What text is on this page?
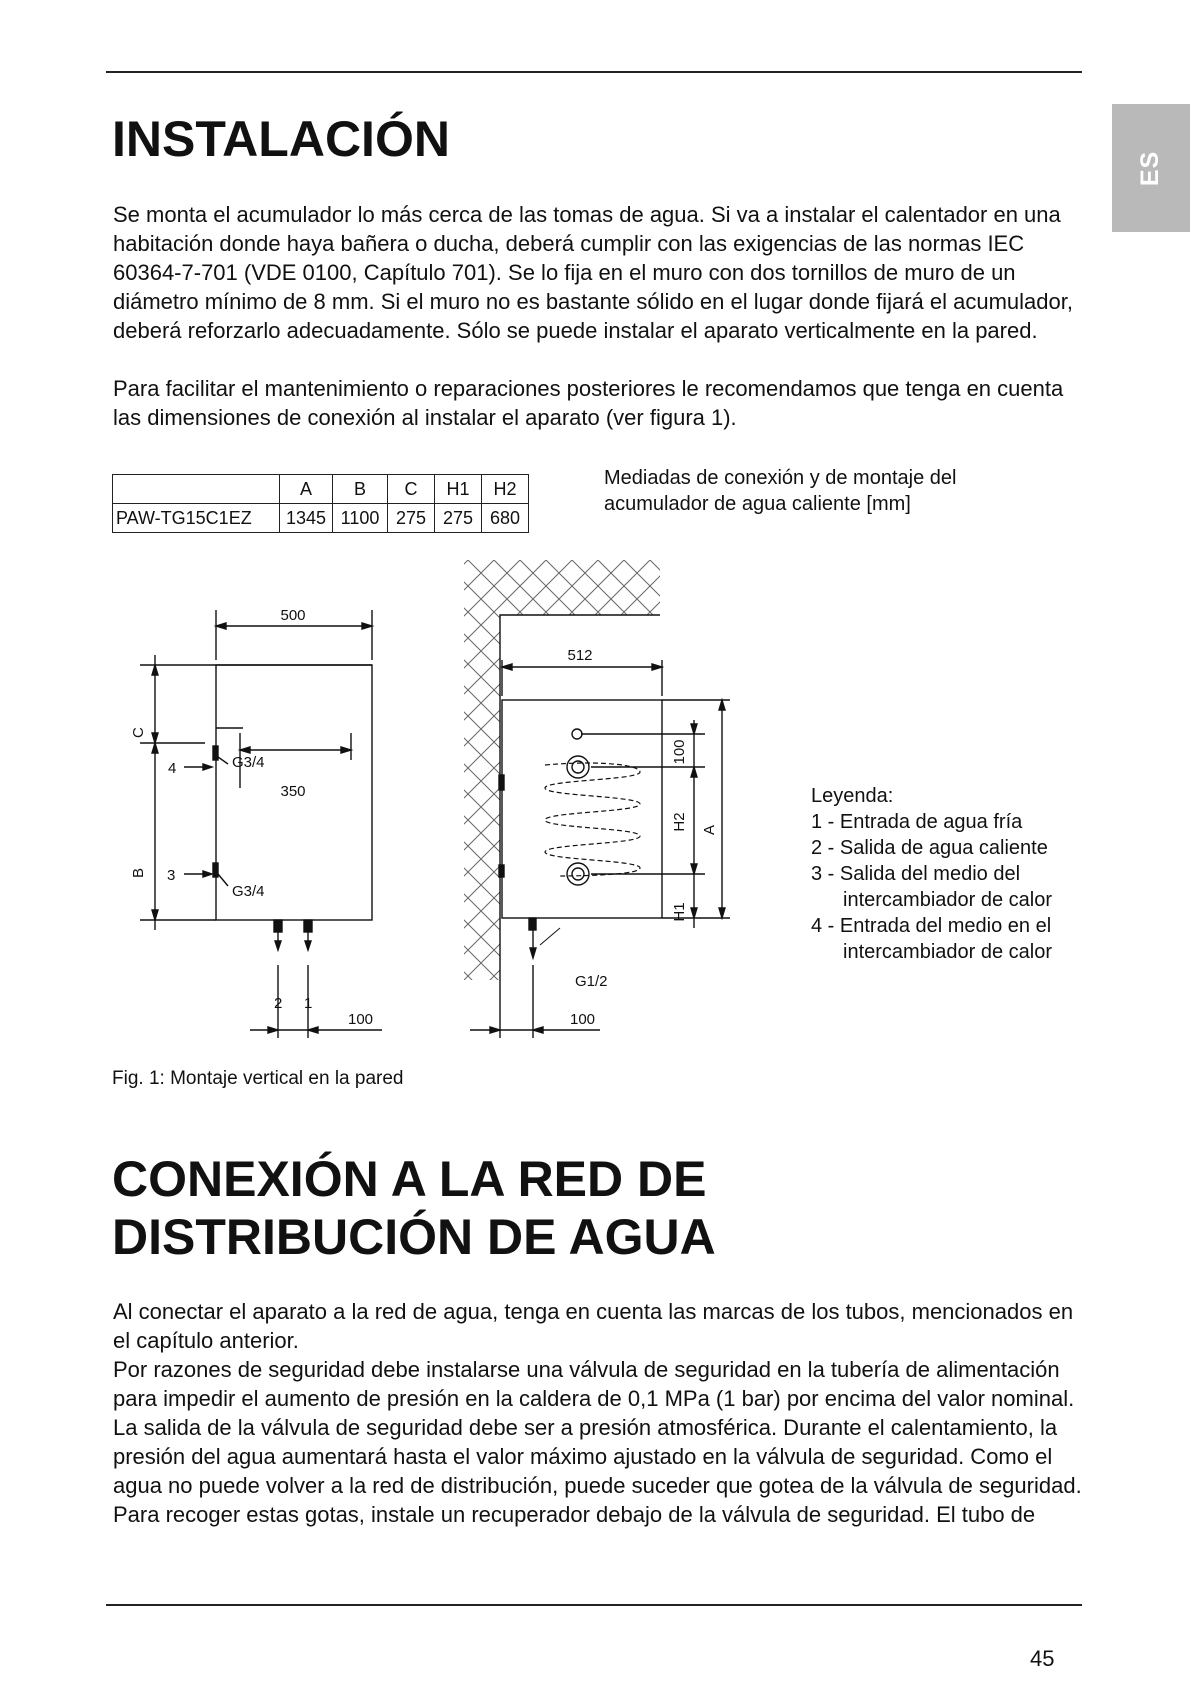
ES
INSTALACIÓN

Se monta el acumulador lo más cerca de las tomas de agua. Si va a instalar el calentador en una habitación donde haya bañera o ducha, deberá cumplir con las exigencias de las normas IEC 60364-7-701 (VDE 0100, Capítulo 701). Se lo fija en el muro con dos tornillos de muro de un diámetro mínimo de 8 mm. Si el muro no es bastante sólido en el lugar donde fijará el acumulador, deberá reforzarlo adecuadamente. Sólo se puede instalar el aparato verticalmente en la pared.

Para facilitar el mantenimiento o reparaciones posteriores le recomendamos que tenga en cuenta las dimensiones de conexión al instalar el aparato (ver figura 1).

	A	B	C	H1	H2
PAW-TG15C1EZ	1345	1100	275	275	680
Mediadas de conexión y de montaje del acumulador de agua caliente [mm]
500
350
G3/4
G3/4
C
B
4
3
2 1
100
512
100
H2 A
H1
G1/2
100

Leyenda:

1 - Entrada de agua fría
2 - Salida de agua caliente
3 - Salida del medio del intercambiador de calor
4 - Entrada del medio en el intercambiador de calor
Fig. 1: Montaje vertical en la pared
CONEXIÓN A LA RED DE
DISTRIBUCIÓN DE AGUA

Al conectar el aparato a la red de agua, tenga en cuenta las marcas de los tubos, mencionados en el capítulo anterior.

Por razones de seguridad debe instalarse una válvula de seguridad en la tubería de alimentación para impedir el aumento de presión en la caldera de 0,1 MPa (1 bar) por encima del valor nominal. La salida de la válvula de seguridad debe ser a presión atmosférica. Durante el calentamiento, la presión del agua aumentará hasta el valor máximo ajustado en la válvula de seguridad. Como el agua no puede volver a la red de distribución, puede suceder que gotea de la válvula de seguridad. Para recoger estas gotas, instale un recuperador debajo de la válvula de seguridad. El tubo de

45
